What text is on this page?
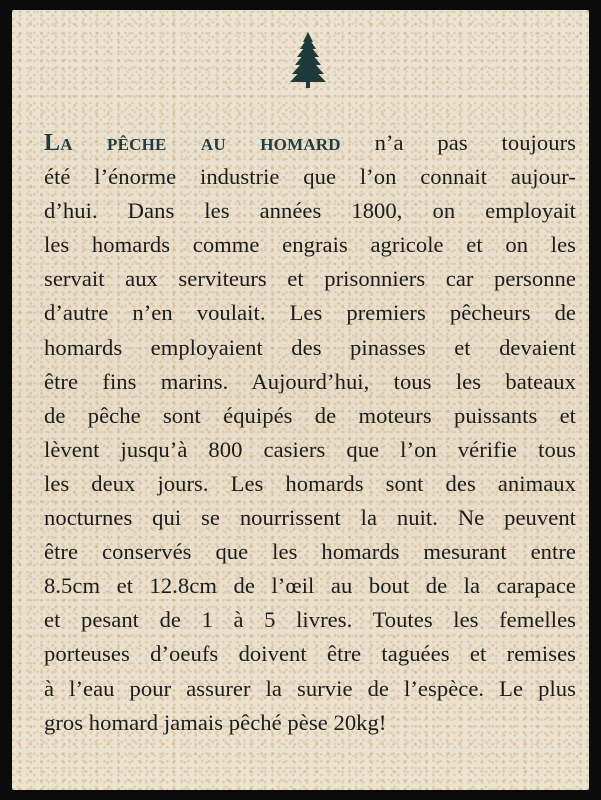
La pêche au homard n’a pas toujours
été l’énorme industrie que l’on connait aujour-
d’hui. Dans les années 1800, on employait
les homards comme engrais agricole et on les
servait aux serviteurs et prisonniers car personne
d’autre n’en voulait. Les premiers pêcheurs de
homards employaient des pinasses et devaient
être fins marins. Aujourd’hui, tous les bateaux
de pêche sont équipés de moteurs puissants et
lèvent jusqu’à 800 casiers que l’on vérifie tous
les deux jours. Les homards sont des animaux
nocturnes qui se nourrissent la nuit. Ne peuvent
être conservés que les homards mesurant entre
8.5cm et 12.8cm de l’œil au bout de la carapace
et pesant de 1 à 5 livres. Toutes les femelles
porteuses d’oeufs doivent être taguées et remises
à l’eau pour assurer la survie de l’espèce. Le plus
gros homard jamais pêché pèse 20kg!
